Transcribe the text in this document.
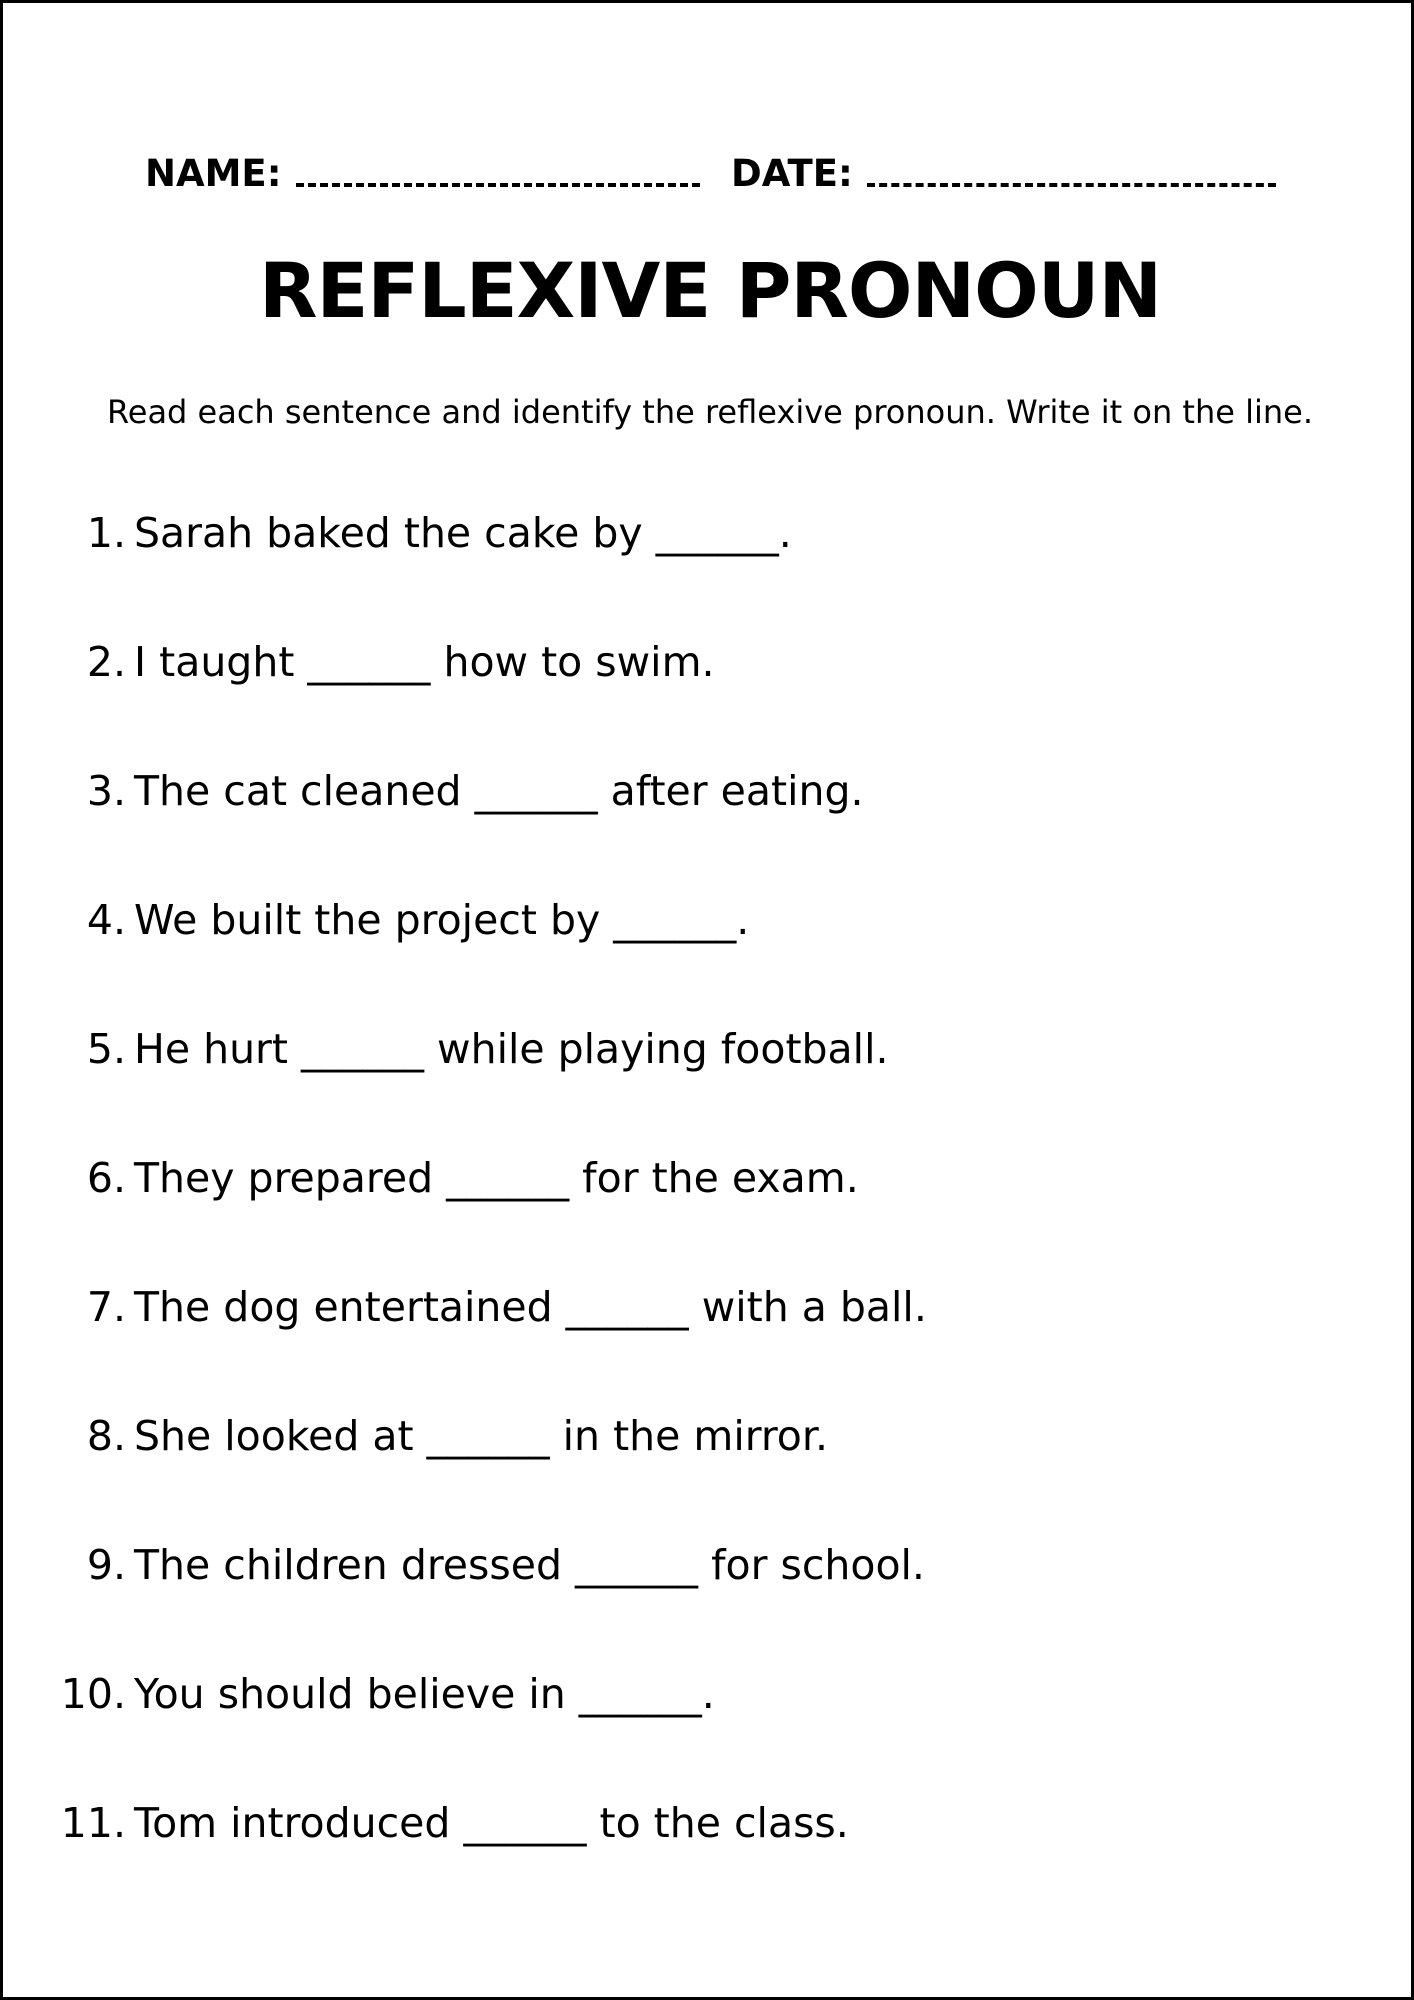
NAME:	DATE:
REFLEXIVE PRONOUN
Read each sentence and identify the reflexive pronoun. Write it on the line.
1. Sarah baked the cake by ______.
2. I taught ______ how to swim.
3. The cat cleaned ______ after eating.
4. We built the project by ______.
5. He hurt ______ while playing football.
6. They prepared ______ for the exam.
7. The dog entertained ______ with a ball.
8. She looked at ______ in the mirror.
9. The children dressed ______ for school.
10. You should believe in ______.
11. Tom introduced ______ to the class.
